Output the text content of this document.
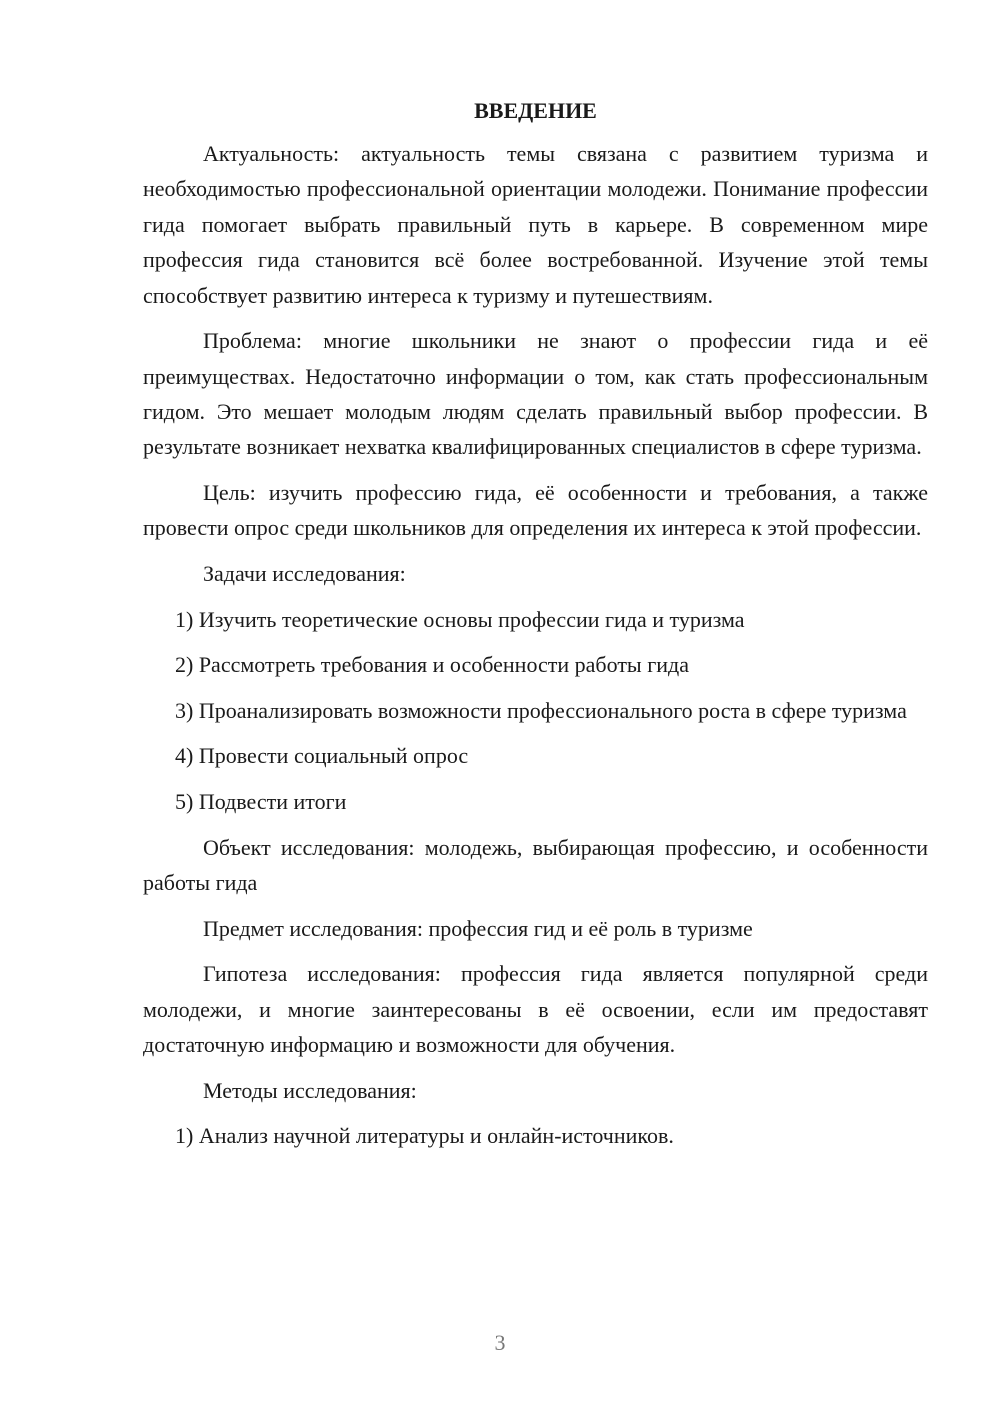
ВВЕДЕНИЕ

Актуальность: актуальность темы связана с развитием туризма и необходимостью профессиональной ориентации молодежи. Понимание профессии гида помогает выбрать правильный путь в карьере. В современном мире профессия гида становится всё более востребованной. Изучение этой темы способствует развитию интереса к туризму и путешествиям.

Проблема: многие школьники не знают о профессии гида и её преимуществах. Недостаточно информации о том, как стать профессиональным гидом. Это мешает молодым людям сделать правильный выбор профессии. В результате возникает нехватка квалифицированных специалистов в сфере туризма.

Цель: изучить профессию гида, её особенности и требования, а также провести опрос среди школьников для определения их интереса к этой профессии.

Задачи исследования:

1) Изучить теоретические основы профессии гида и туризма

2) Рассмотреть требования и особенности работы гида

3) Проанализировать возможности профессионального роста в сфере туризма

4) Провести социальный опрос

5) Подвести итоги

Объект исследования: молодежь, выбирающая профессию, и особенности работы гида

Предмет исследования: профессия гид и её роль в туризме

Гипотеза исследования: профессия гида является популярной среди молодежи, и многие заинтересованы в её освоении, если им предоставят достаточную информацию и возможности для обучения.

Методы исследования:

1) Анализ научной литературы и онлайн-источников.

3
